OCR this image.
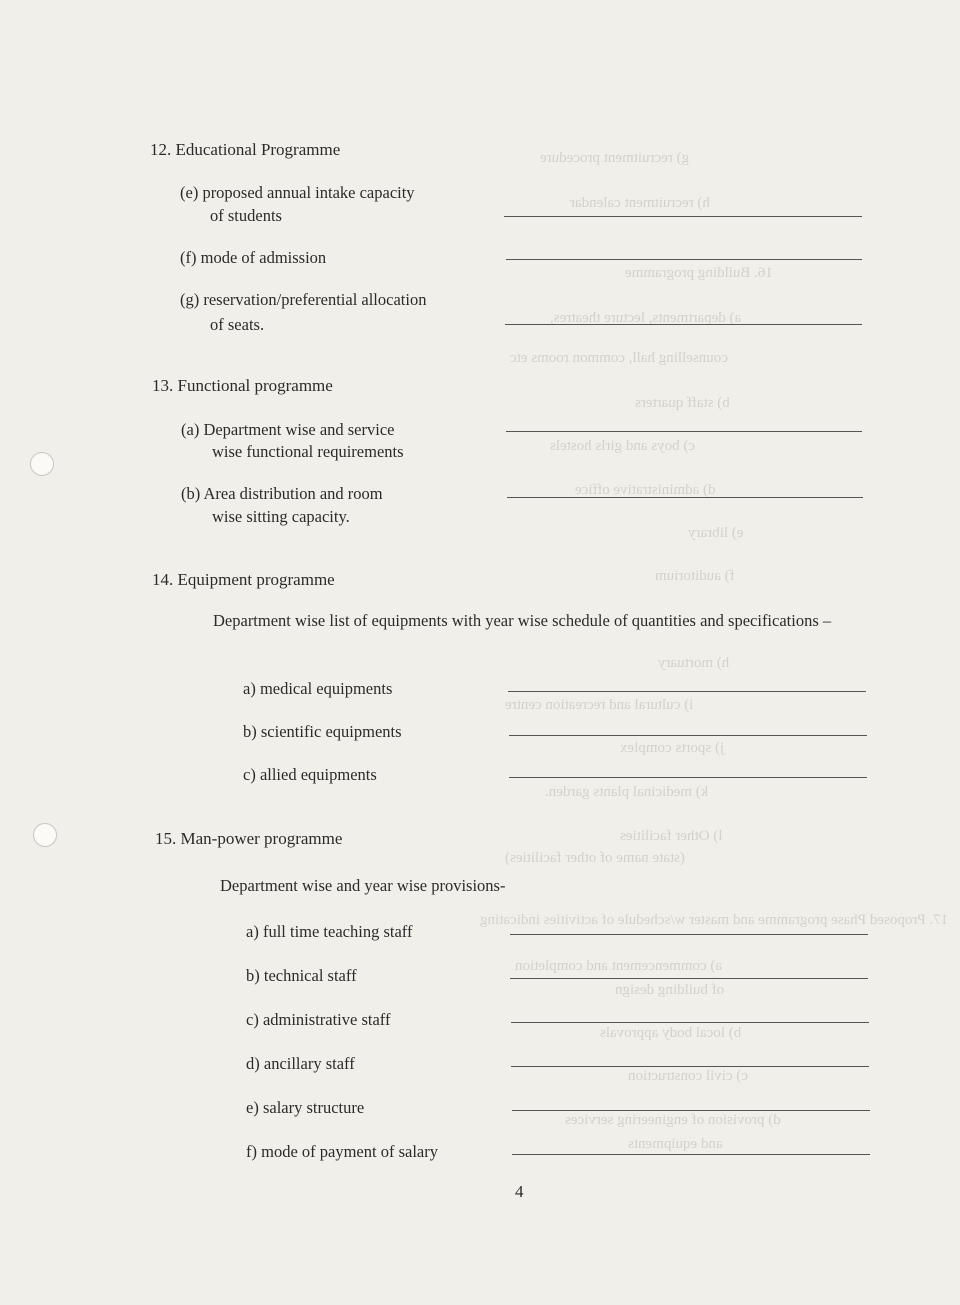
g) recruitment procedure
h) recruitment calendar
16. Building programme
a) departments, lecture theatres,
counselling hall, common rooms etc
b) staff quarters
c) boys and girls hostels
d) administrative office
e) library
f) auditorium
h) mortuary
i) cultural and recreation centre
j) sports complex
k) medicinal plants garden.
l) Other facilities
(state name of other facilities)
17. Proposed Phase programme and master w/schedule of activities indicating
a) commencement and completion
of building design
b) local body approvals
c) civil construction
d) provision of engineering services
and equipments
12. Educational Programme
(e) proposed annual intake capacity
of students
(f) mode of admission
(g) reservation/preferential allocation
of seats.
13. Functional programme
(a) Department wise and service
wise functional requirements
(b) Area distribution and room
wise sitting capacity.
14. Equipment programme
Department wise list of equipments with year wise schedule of quantities and specifications –
a) medical equipments
b) scientific equipments
c) allied equipments
15. Man-power programme
Department wise and year wise provisions-
a) full time teaching staff
b) technical staff
c) administrative staff
d) ancillary staff
e) salary structure
f) mode of payment of salary
4
